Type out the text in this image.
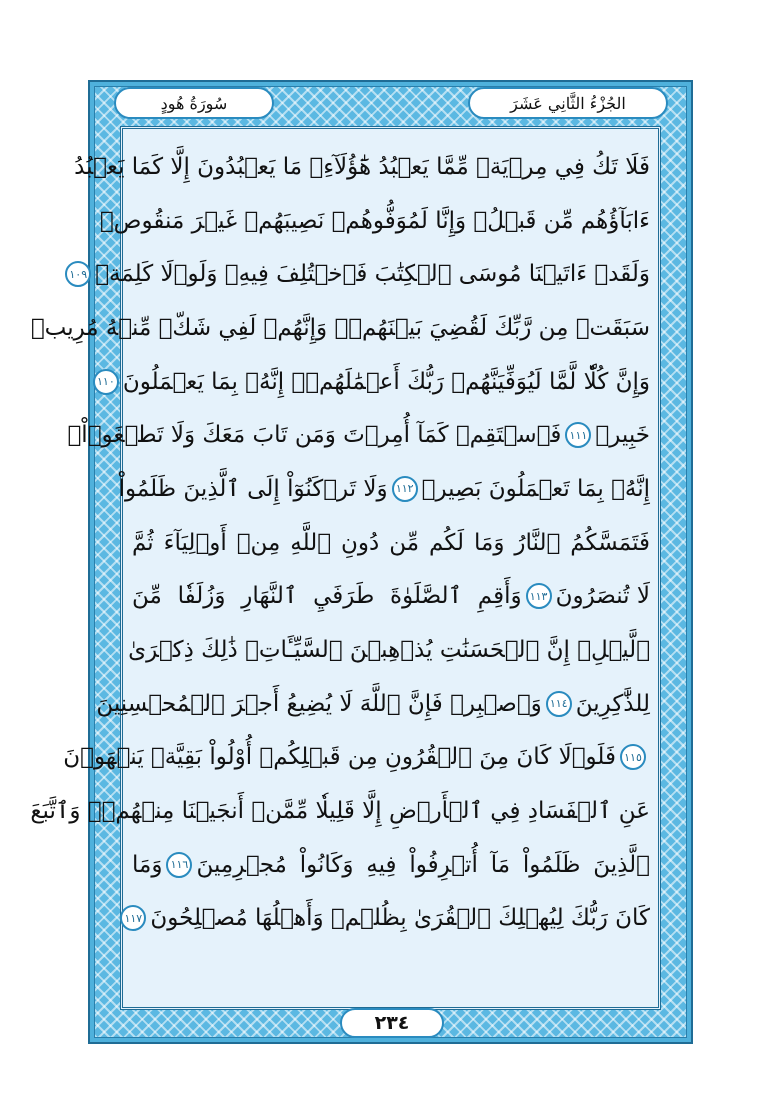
الجُزْءُ الثَّانِي عَشَرَ
سُورَةُ هُودٍ
فَلَا تَكُ فِي مِرۡيَةٖ مِّمَّا يَعۡبُدُ هَٰٓؤُلَآءِۚ مَا يَعۡبُدُونَ إِلَّا كَمَا يَعۡبُدُ
ءَابَآؤُهُم مِّن قَبۡلُۚ وَإِنَّا لَمُوَفُّوهُمۡ نَصِيبَهُمۡ غَيۡرَ مَنقُوصٖ
وَلَقَدۡ ءَاتَيۡنَا مُوسَى ٱلۡكِتَٰبَ فَٱخۡتُلِفَ فِيهِۚ وَلَوۡلَا كَلِمَةٞ
١٠٩
سَبَقَتۡ مِن رَّبِّكَ لَقُضِيَ بَيۡنَهُمۡۚ وَإِنَّهُمۡ لَفِي شَكّٖ مِّنۡهُ مُرِيبٖ
وَإِنَّ كُلّٗا لَّمَّا لَيُوَفِّيَنَّهُمۡ رَبُّكَ أَعۡمَٰلَهُمۡۚ إِنَّهُۥ بِمَا يَعۡمَلُونَ
١١٠
خَبِيرٞ
١١١
فَٱسۡتَقِمۡ كَمَآ أُمِرۡتَ وَمَن تَابَ مَعَكَ وَلَا تَطۡغَوۡاْۚ
إِنَّهُۥ بِمَا تَعۡمَلُونَ بَصِيرٞ
١١٢
وَلَا تَرۡكَنُوٓاْ إِلَى ٱلَّذِينَ ظَلَمُواْ
فَتَمَسَّكُمُ ٱلنَّارُ وَمَا لَكُم مِّن دُونِ ٱللَّهِ مِنۡ أَوۡلِيَآءَ ثُمَّ
لَا تُنصَرُونَ
١١٣
وَأَقِمِ ٱلصَّلَوٰةَ طَرَفَيِ ٱلنَّهَارِ وَزُلَفٗا مِّنَ
ٱلَّيۡلِۚ إِنَّ ٱلۡحَسَنَٰتِ يُذۡهِبۡنَ ٱلسَّيِّـَٔاتِۚ ذَٰلِكَ ذِكۡرَىٰ
لِلذَّٰكِرِينَ
١١٤
وَٱصۡبِرۡ فَإِنَّ ٱللَّهَ لَا يُضِيعُ أَجۡرَ ٱلۡمُحۡسِنِينَ
١١٥
فَلَوۡلَا كَانَ مِنَ ٱلۡقُرُونِ مِن قَبۡلِكُمۡ أُوْلُواْ بَقِيَّةٖ يَنۡهَوۡنَ
عَنِ ٱلۡفَسَادِ فِي ٱلۡأَرۡضِ إِلَّا قَلِيلٗا مِّمَّنۡ أَنجَيۡنَا مِنۡهُمۡۗ وَٱتَّبَعَ
ٱلَّذِينَ ظَلَمُواْ مَآ أُتۡرِفُواْ فِيهِ وَكَانُواْ مُجۡرِمِينَ
١١٦
وَمَا
كَانَ رَبُّكَ لِيُهۡلِكَ ٱلۡقُرَىٰ بِظُلۡمٖ وَأَهۡلُهَا مُصۡلِحُونَ
١١٧
٢٣٤
